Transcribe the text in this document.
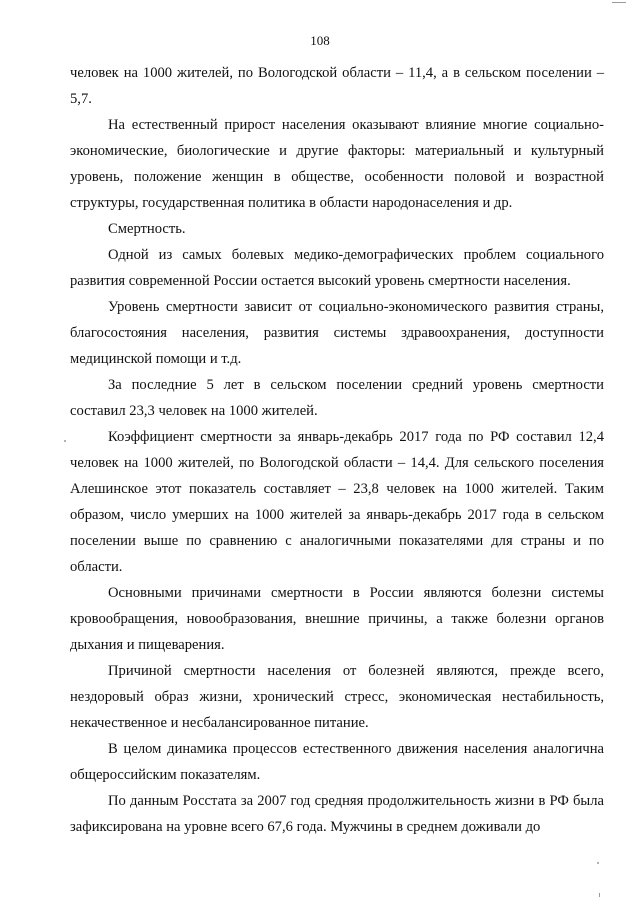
108

человек на 1000 жителей, по Вологодской области – 11,4, а в сельском поселении – 5,7.

На естественный прирост населения оказывают влияние многие социально-экономические, биологические и другие факторы: материальный и культурный уровень, положение женщин в обществе, особенности половой и возрастной структуры, государственная политика в области народонаселения и др.

Смертность.

Одной из самых болевых медико-демографических проблем социального развития современной России остается высокий уровень смертности населения.

Уровень смертности зависит от социально-экономического развития страны, благосостояния населения, развития системы здравоохранения, доступности медицинской помощи и т.д.

За последние 5 лет в сельском поселении средний уровень смертности составил 23,3 человек на 1000 жителей.

Коэффициент смертности за январь-декабрь 2017 года по РФ составил 12,4 человек на 1000 жителей, по Вологодской области – 14,4. Для сельского поселения Алешинское этот показатель составляет – 23,8 человек на 1000 жителей. Таким образом, число умерших на 1000 жителей за январь-декабрь 2017 года в сельском поселении выше по сравнению с аналогичными показателями для страны и по области.

Основными причинами смертности в России являются болезни системы кровообращения, новообразования, внешние причины, а также болезни органов дыхания и пищеварения.

Причиной смертности населения от болезней являются, прежде всего, нездоровый образ жизни, хронический стресс, экономическая нестабильность, некачественное и несбалансированное питание.

В целом динамика процессов естественного движения населения аналогична общероссийским показателям.

По данным Росстата за 2007 год средняя продолжительность жизни в РФ была зафиксирована на уровне всего 67,6 года. Мужчины в среднем доживали до
